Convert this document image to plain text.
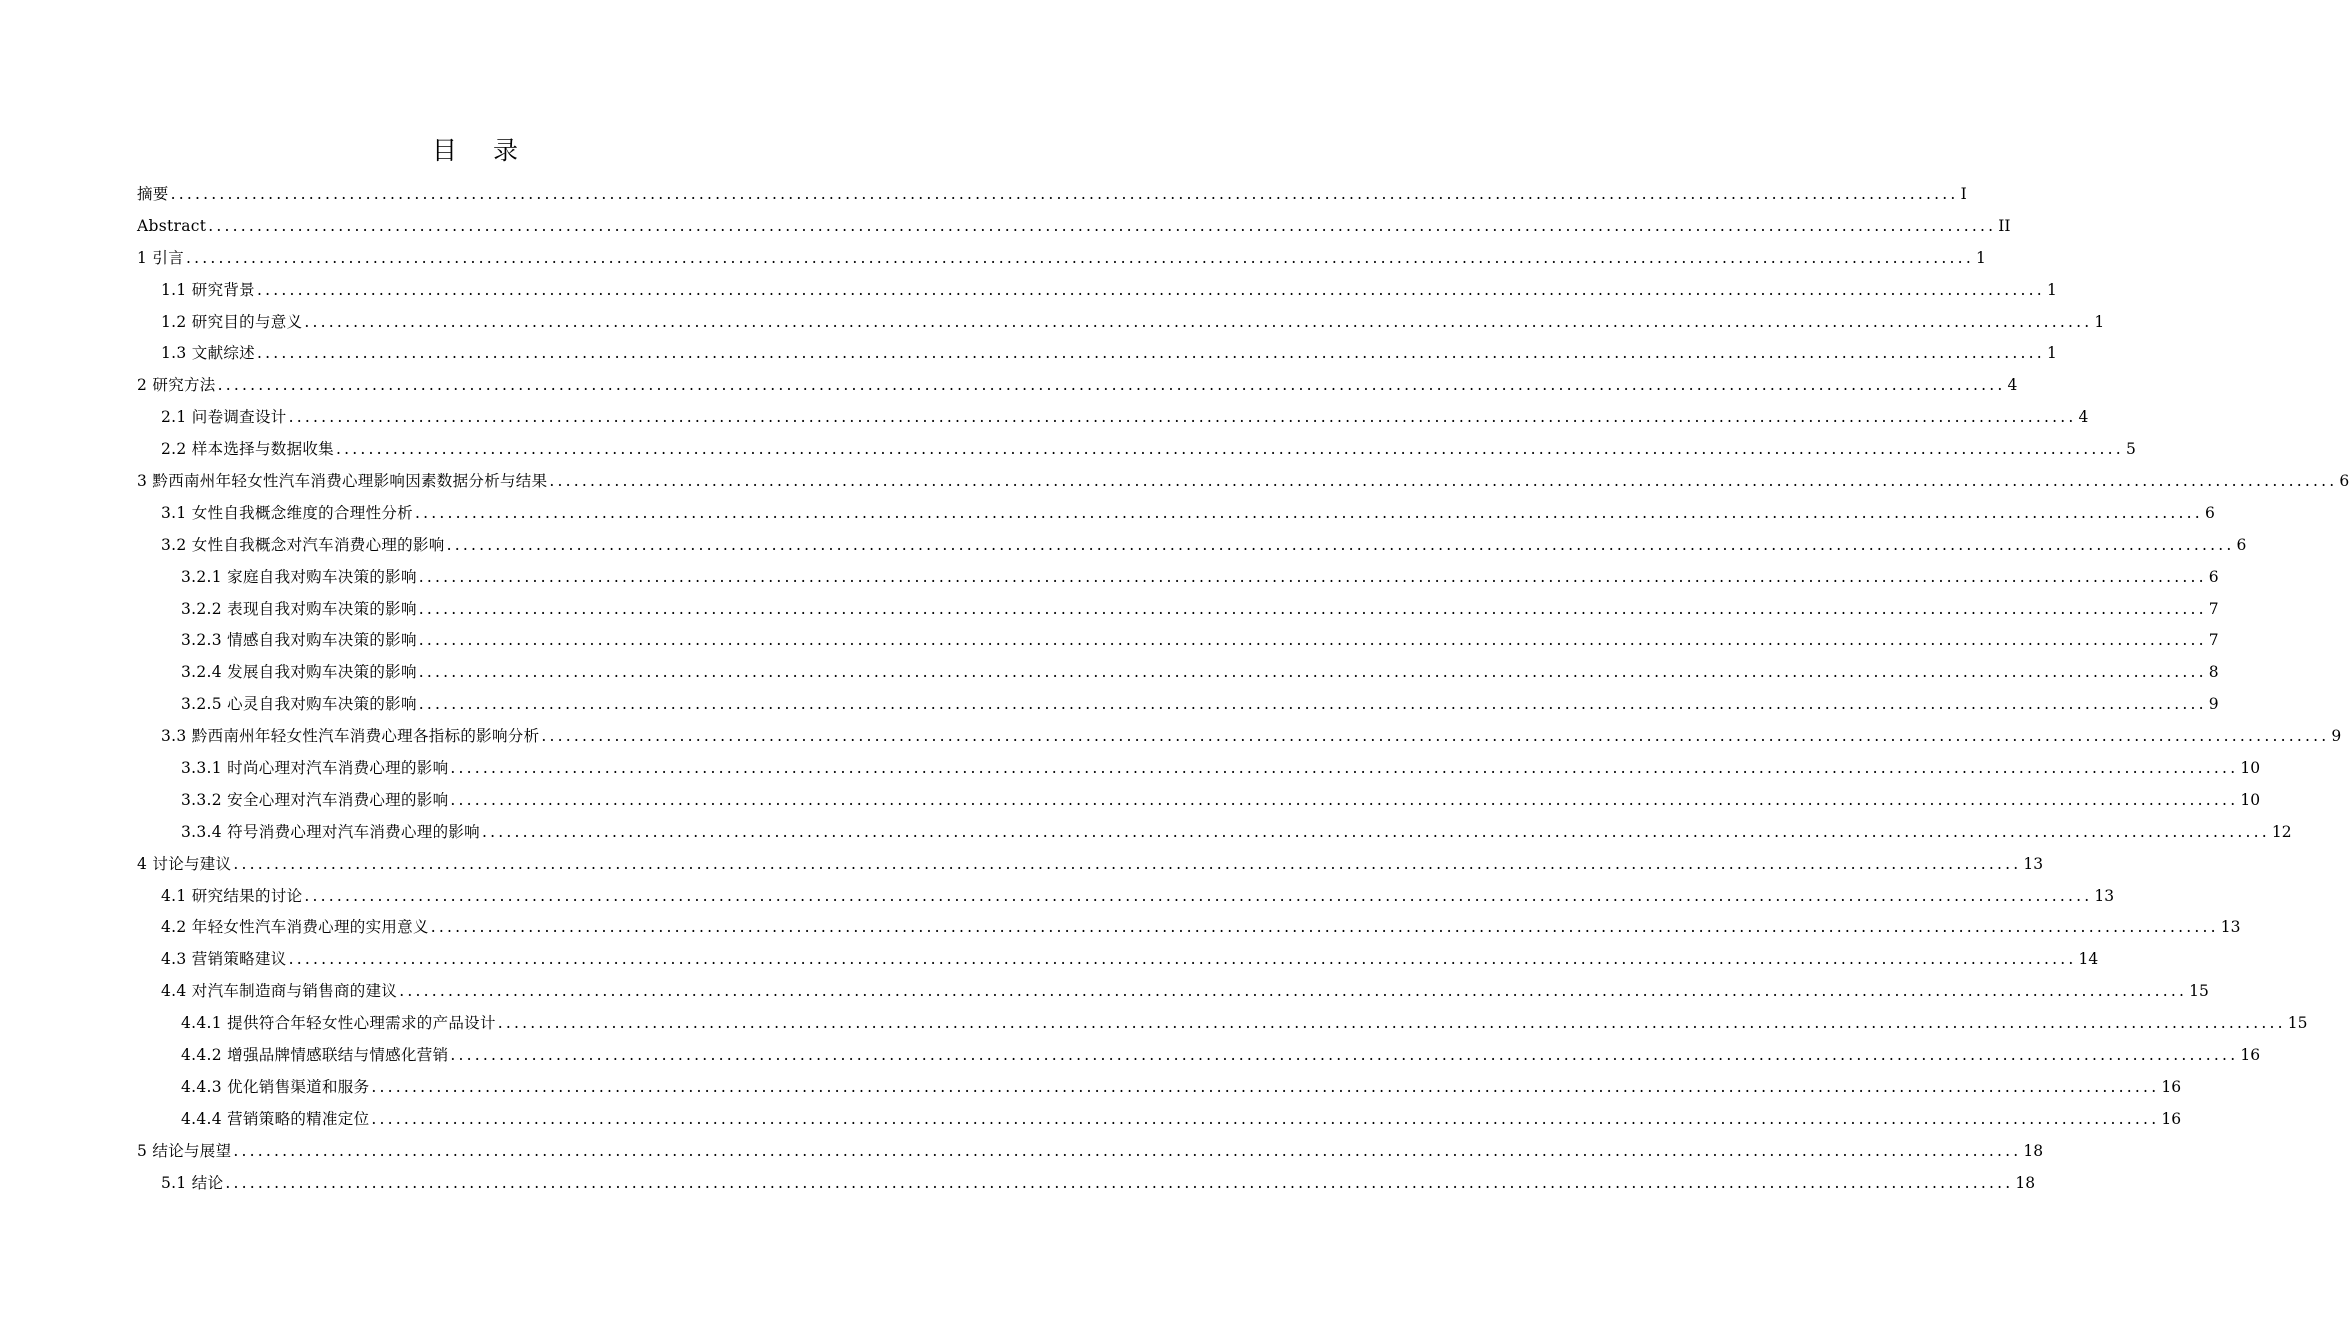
目 录
摘要 ............................................................................................................................................................................................................................ I
Abstract ............................................................................................................................................................................................................................ II
1 引言 ............................................................................................................................................................................................................................ 1
1.1 研究背景 ............................................................................................................................................................................................................................ 1
1.2 研究目的与意义 ............................................................................................................................................................................................................................ 1
1.3 文献综述 ............................................................................................................................................................................................................................ 1
2 研究方法 ............................................................................................................................................................................................................................ 4
2.1 问卷调查设计 ............................................................................................................................................................................................................................ 4
2.2 样本选择与数据收集 ............................................................................................................................................................................................................................ 5
3 黔西南州年轻女性汽车消费心理影响因素数据分析与结果 ............................................................................................................................................................................................................................ 6
3.1 女性自我概念维度的合理性分析 ............................................................................................................................................................................................................................ 6
3.2 女性自我概念对汽车消费心理的影响 ............................................................................................................................................................................................................................ 6
3.2.1 家庭自我对购车决策的影响 ............................................................................................................................................................................................................................ 6
3.2.2 表现自我对购车决策的影响 ............................................................................................................................................................................................................................ 7
3.2.3 情感自我对购车决策的影响 ............................................................................................................................................................................................................................ 7
3.2.4 发展自我对购车决策的影响 ............................................................................................................................................................................................................................ 8
3.2.5 心灵自我对购车决策的影响 ............................................................................................................................................................................................................................ 9
3.3 黔西南州年轻女性汽车消费心理各指标的影响分析 ............................................................................................................................................................................................................................ 9
3.3.1 时尚心理对汽车消费心理的影响 ............................................................................................................................................................................................................................ 10
3.3.2 安全心理对汽车消费心理的影响 ............................................................................................................................................................................................................................ 10
3.3.4 符号消费心理对汽车消费心理的影响 ............................................................................................................................................................................................................................ 12
4 讨论与建议 ............................................................................................................................................................................................................................ 13
4.1 研究结果的讨论 ............................................................................................................................................................................................................................ 13
4.2 年轻女性汽车消费心理的实用意义 ............................................................................................................................................................................................................................ 13
4.3 营销策略建议 ............................................................................................................................................................................................................................ 14
4.4 对汽车制造商与销售商的建议 ............................................................................................................................................................................................................................ 15
4.4.1 提供符合年轻女性心理需求的产品设计 ............................................................................................................................................................................................................................ 15
4.4.2 增强品牌情感联结与情感化营销 ............................................................................................................................................................................................................................ 16
4.4.3 优化销售渠道和服务 ............................................................................................................................................................................................................................ 16
4.4.4 营销策略的精准定位 ............................................................................................................................................................................................................................ 16
5 结论与展望 ............................................................................................................................................................................................................................ 18
5.1 结论 ............................................................................................................................................................................................................................ 18
